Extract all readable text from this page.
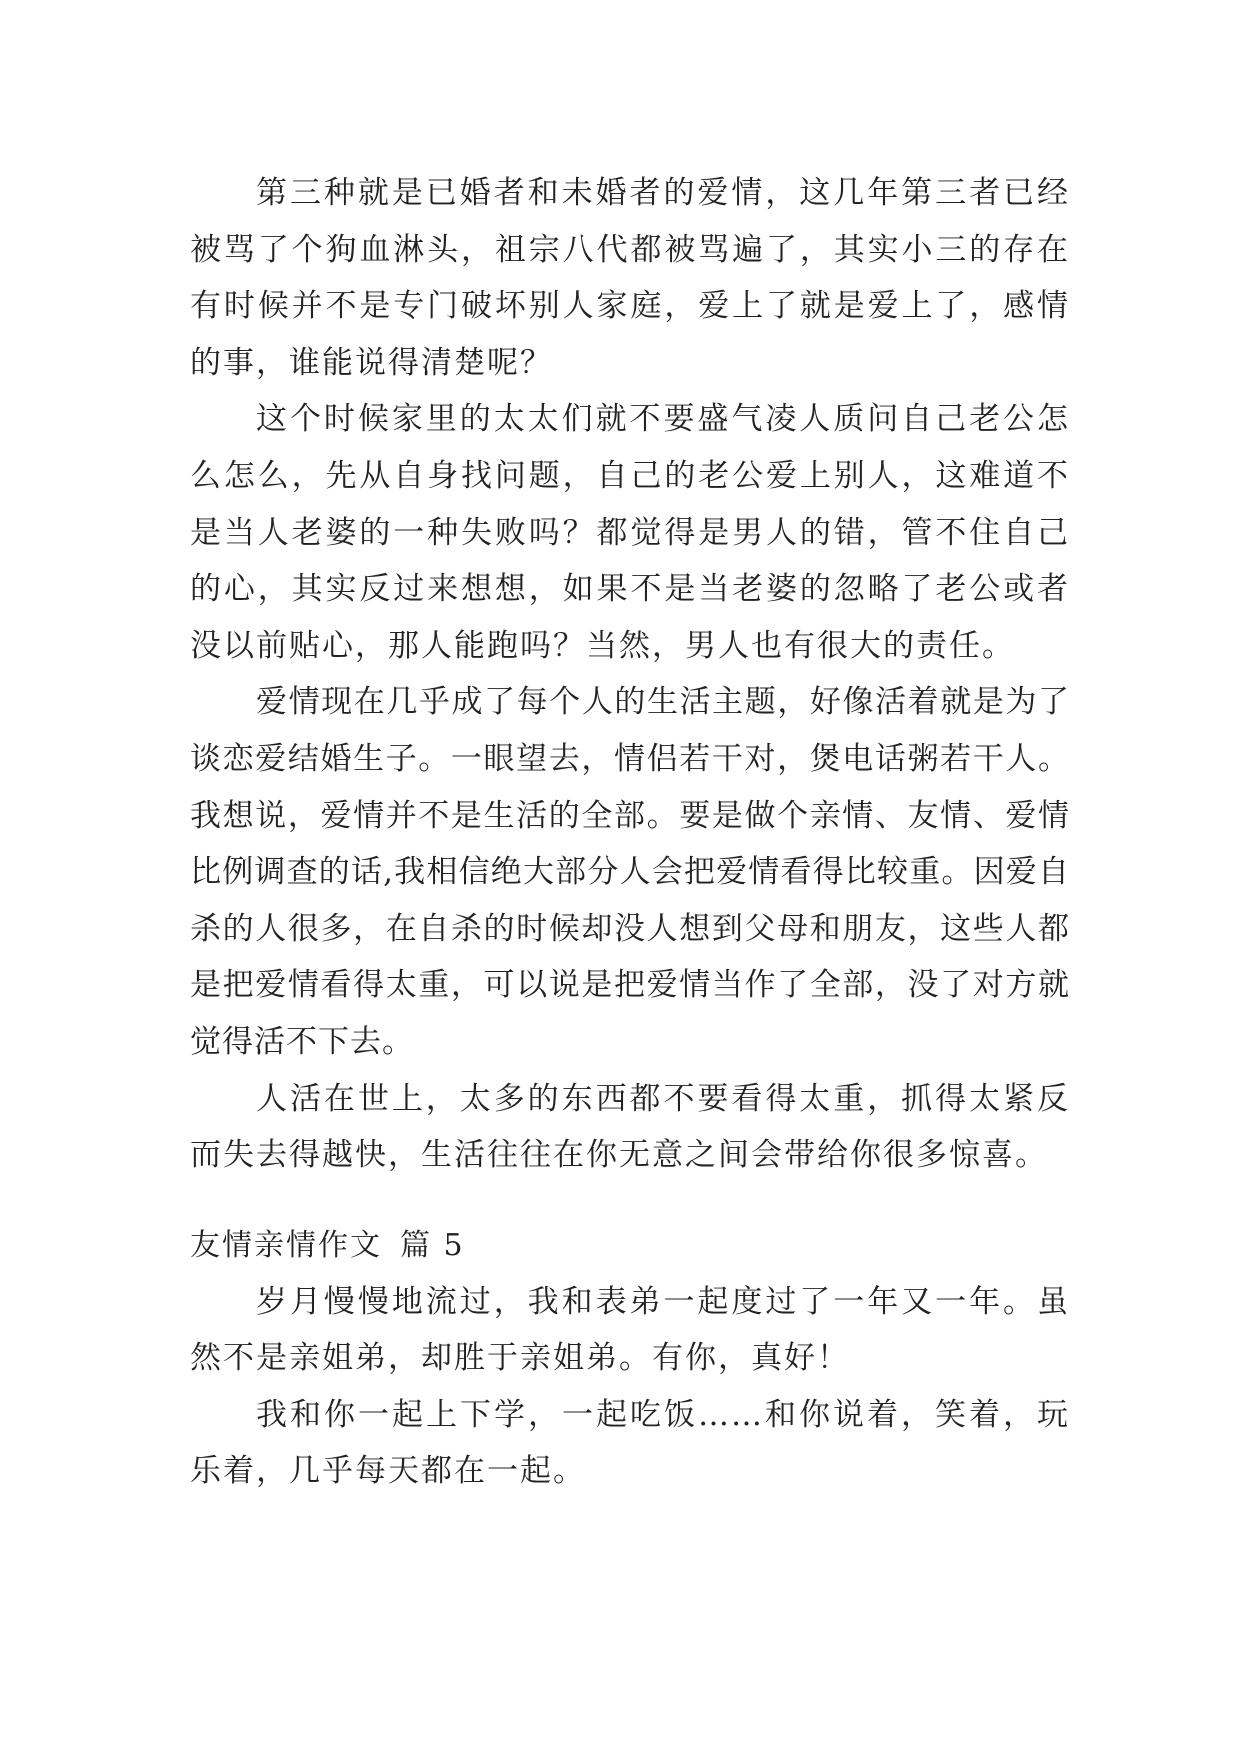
第三种就是已婚者和未婚者的爱情，这几年第三者已经被骂了个狗血淋头，祖宗八代都被骂遍了，其实小三的存在有时候并不是专门破坏别人家庭，爱上了就是爱上了，感情的事，谁能说得清楚呢？

这个时候家里的太太们就不要盛气凌人质问自己老公怎么怎么，先从自身找问题，自己的老公爱上别人，这难道不是当人老婆的一种失败吗？都觉得是男人的错，管不住自己的心，其实反过来想想，如果不是当老婆的忽略了老公或者没以前贴心，那人能跑吗？当然，男人也有很大的责任。

爱情现在几乎成了每个人的生活主题，好像活着就是为了谈恋爱结婚生子。一眼望去，情侣若干对，煲电话粥若干人。我想说，爱情并不是生活的全部。要是做个亲情、友情、爱情比例调查的话,我相信绝大部分人会把爱情看得比较重。因爱自杀的人很多，在自杀的时候却没人想到父母和朋友，这些人都是把爱情看得太重，可以说是把爱情当作了全部，没了对方就觉得活不下去。

人活在世上，太多的东西都不要看得太重，抓得太紧反而失去得越快，生活往往在你无意之间会带给你很多惊喜。

友情亲情作文 篇 5

岁月慢慢地流过，我和表弟一起度过了一年又一年。虽然不是亲姐弟，却胜于亲姐弟。有你，真好！

我和你一起上下学，一起吃饭……和你说着，笑着，玩乐着，几乎每天都在一起。
